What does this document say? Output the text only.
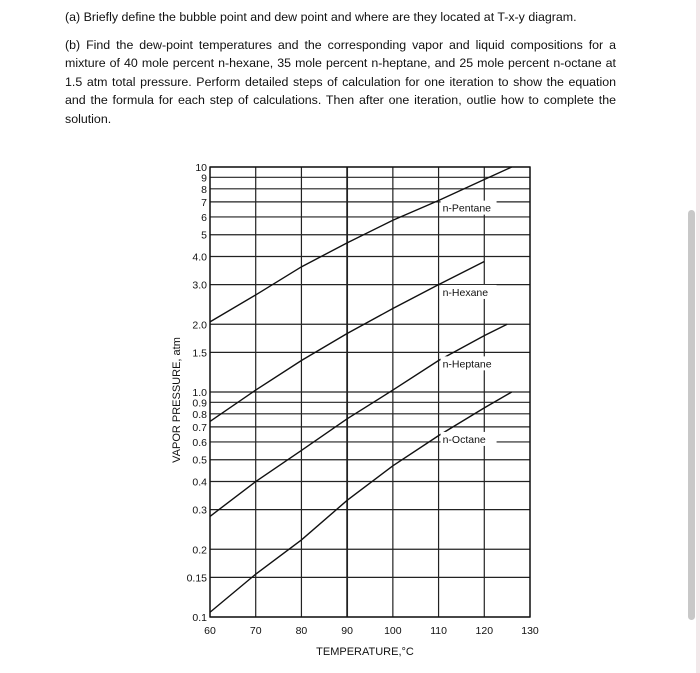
(a) Briefly define the bubble point and dew point and where are they located at T-x-y diagram.
(b) Find the dew-point temperatures and the corresponding vapor and liquid compositions for a mixture of 40 mole percent n-hexane, 35 mole percent n-heptane, and 25 mole percent n-octane at 1.5 atm total pressure. Perform detailed steps of calculation for one iteration to show the equation and the formula for each step of calculations. Then after one iteration, outlie how to complete the solution.
0.1
0.15
0.2
0.3
0.4
0.5
0.6
0.7
0.8
0.9
1.0
1.5
2.0
3.0
4.0
5
6
7
8
9
10
60	70	80	90	100	110	120	130
n-Pentane
n-Hexane
n-Heptane
n-Octane
TEMPERATURE,°C
VAPOR PRESSURE, atm
